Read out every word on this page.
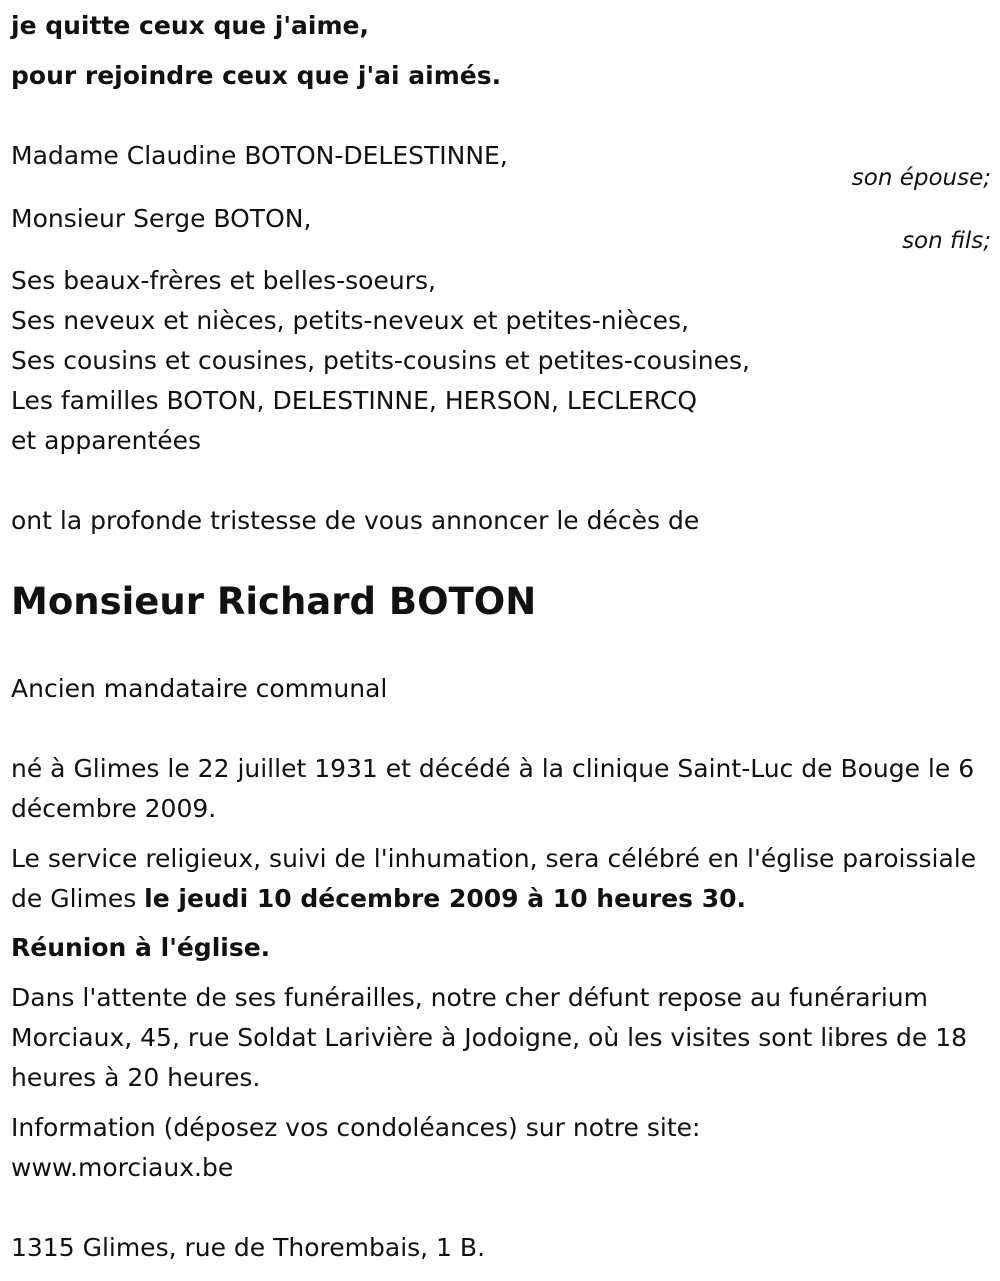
je quitte ceux que j'aime,
pour rejoindre ceux que j'ai aimés.
Madame Claudine BOTON-DELESTINNE,
son épouse;
Monsieur Serge BOTON,
son fils;
Ses beaux-frères et belles-soeurs,
Ses neveux et nièces, petits-neveux et petites-nièces,
Ses cousins et cousines, petits-cousins et petites-cousines,
Les familles BOTON, DELESTINNE, HERSON, LECLERCQ
et apparentées
ont la profonde tristesse de vous annoncer le décès de
Monsieur Richard BOTON
Ancien mandataire communal
né à Glimes le 22 juillet 1931 et décédé à la clinique Saint-Luc de Bouge le 6 décembre 2009.
Le service religieux, suivi de l'inhumation, sera célébré en l'église paroissiale de Glimes le jeudi 10 décembre 2009 à 10 heures 30.
Réunion à l'église.
Dans l'attente de ses funérailles, notre cher défunt repose au funérarium Morciaux, 45, rue Soldat Larivière à Jodoigne, où les visites sont libres de 18 heures à 20 heures.
Information (déposez vos condoléances) sur notre site:
www.morciaux.be
1315 Glimes, rue de Thorembais, 1 B.
